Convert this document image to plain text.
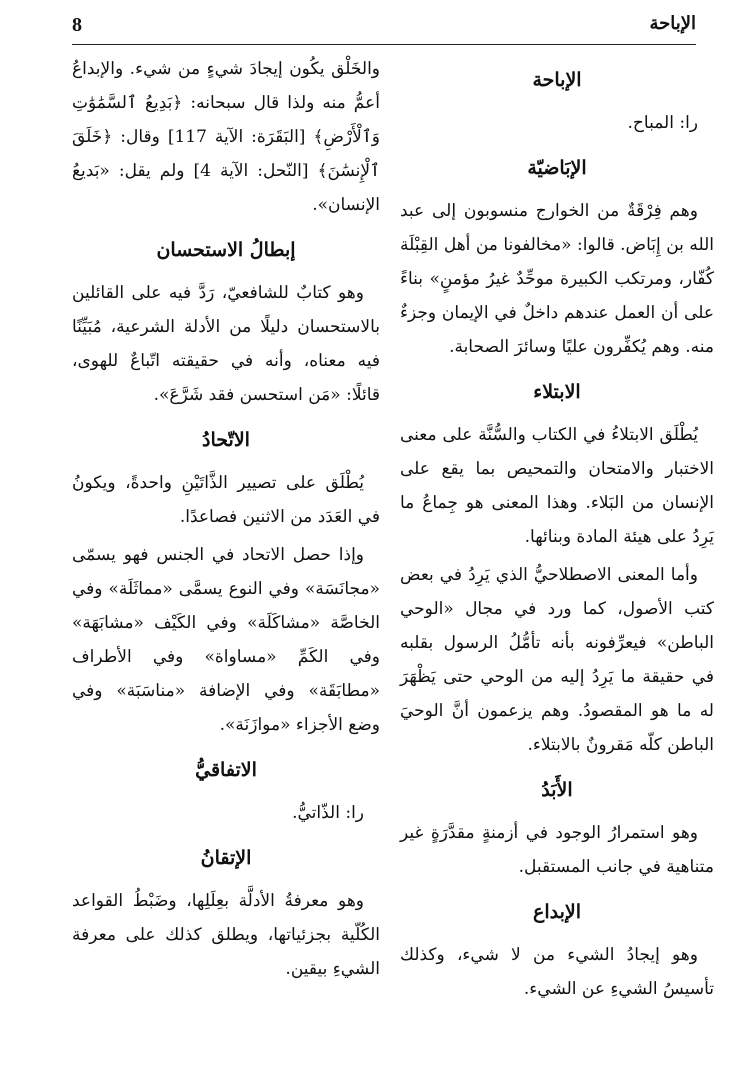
8	الإباحة
الإباحة

را: المباح.

الإبَاضيّة

وهم فِرْقَةٌ من الخوارج منسوبون إلى عبد الله بن إِبَاض. قالوا: «مخالفونا من أهل القِبْلَة كُفّار، ومرتكب الكبيرة موحِّدٌ غيرُ مؤمنٍ» بناءً على أن العمل عندهم داخلٌ في الإيمان وجزءٌ منه. وهم يُكفِّرون عليًا وسائرَ الصحابة.

الابتلاء

يُطْلَق الابتلاءُ في الكتاب والسُّنَّة على معنى الاختبار والامتحان والتمحيص بما يقع على الإنسان من البَلاء. وهذا المعنى هو جِماعُ ما يَرِدُ على هيئة المادة وبنائها.

وأما المعنى الاصطلاحيُّ الذي يَرِدُ في بعض كتب الأصول، كما ورد في مجال «الوحي الباطن» فيعرِّفونه بأنه تأمُّلُ الرسول بقلبه في حقيقة ما يَرِدُ إليه من الوحي حتى يَظْهَرَ له ما هو المقصودُ. وهم يزعمون أنَّ الوحيَ الباطن كلّه مَقرونٌ بالابتلاء.

الأَبَدُ

وهو استمرارُ الوجود في أزمنةٍ مقدَّرَةٍ غير متناهية في جانب المستقبل.

الإبداع

وهو إيجادُ الشيء من لا شيء، وكذلك تأسيسُ الشيءِ عن الشيء.

والخَلْق يكُون إيجادَ شيءٍ من شيء. والإبداعُ أعمُّ منه ولذا قال سبحانه: ﴿بَدِيعُ ٱلسَّمَٰوَٰتِ وَٱلْأَرْضِ﴾ [البَقَرَة: الآية 117] وقال: ﴿خَلَقَ ٱلْإِنسَٰنَ﴾ [النّحل: الآية 4] ولم يقل: «بَديعُ الإنسان».

إبطالُ الاستحسان

وهو كتابٌ للشافعيّ، رَدَّ فيه على القائلين بالاستحسان دليلًا من الأدلة الشرعية، مُبَيِّنًا فيه معناه، وأنه في حقيقته اتّباعٌ للهوى، قائلًا: «مَن استحسن فقد شَرَّعَ».

الاتّحادُ

يُطْلَق على تصيير الذَّاتَيْنِ واحدةً، ويكونُ في العَدَد من الاثنين فصاعدًا.

وإذا حصل الاتحاد في الجنس فهو يسمّى «مجانَسَة» وفي النوع يسمَّى «مماثَلَة» وفي الخاصَّة «مشاكَلَة» وفي الكَيْف «مشابَهَة» وفي الكَمِّ «مساواة» وفي الأطراف «مطابَقَة» وفي الإضافة «مناسَبَة» وفي وضع الأجزاء «موازَنَة».

الاتفاقيُّ

را: الذّاتيُّ.

الإتقانُ

وهو معرفةُ الأدلَّة بعِلَلِها، وضَبْطُ القواعد الكُلّية بجزئياتها، ويطلق كذلك على معرفة الشيءِ بيقين.
